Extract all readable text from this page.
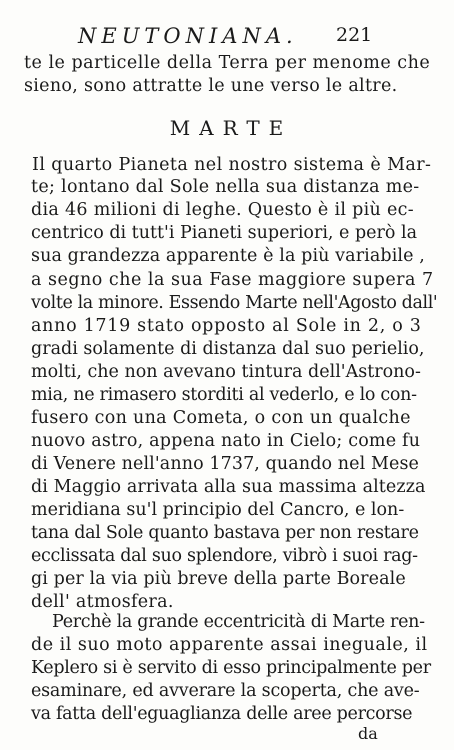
NEUTONIANA. 221
te le particelle della Terra per menome che
sieno, sono attratte le une verso le altre.
MARTE
Il quarto Pianeta nel nostro sistema è Mar-
te; lontano dal Sole nella sua distanza me-
dia 46 milioni di leghe. Questo è il più ec-
centrico di tutt'i Pianeti superiori, e però la
sua grandezza apparente è la più variabile ,
a segno che la sua Fase maggiore supera 7
volte la minore. Essendo Marte nell'Agosto dall'
anno 1719 stato opposto al Sole in 2, o 3
gradi solamente di distanza dal suo perielio,
molti, che non avevano tintura dell'Astrono-
mia, ne rimasero storditi al vederlo, e lo con-
fusero con una Cometa, o con un qualche
nuovo astro, appena nato in Cielo; come fu
di Venere nell'anno 1737, quando nel Mese
di Maggio arrivata alla sua massima altezza
meridiana su'l principio del Cancro, e lon-
tana dal Sole quanto bastava per non restare
ecclissata dal suo splendore, vibrò i suoi rag-
gi per la via più breve della parte Boreale
dell' atmosfera.
Perchè la grande eccentricità di Marte ren-
de il suo moto apparente assai ineguale, il
Keplero si è servito di esso principalmente per
esaminare, ed avverare la scoperta, che ave-
va fatta dell'eguaglianza delle aree percorse
da
